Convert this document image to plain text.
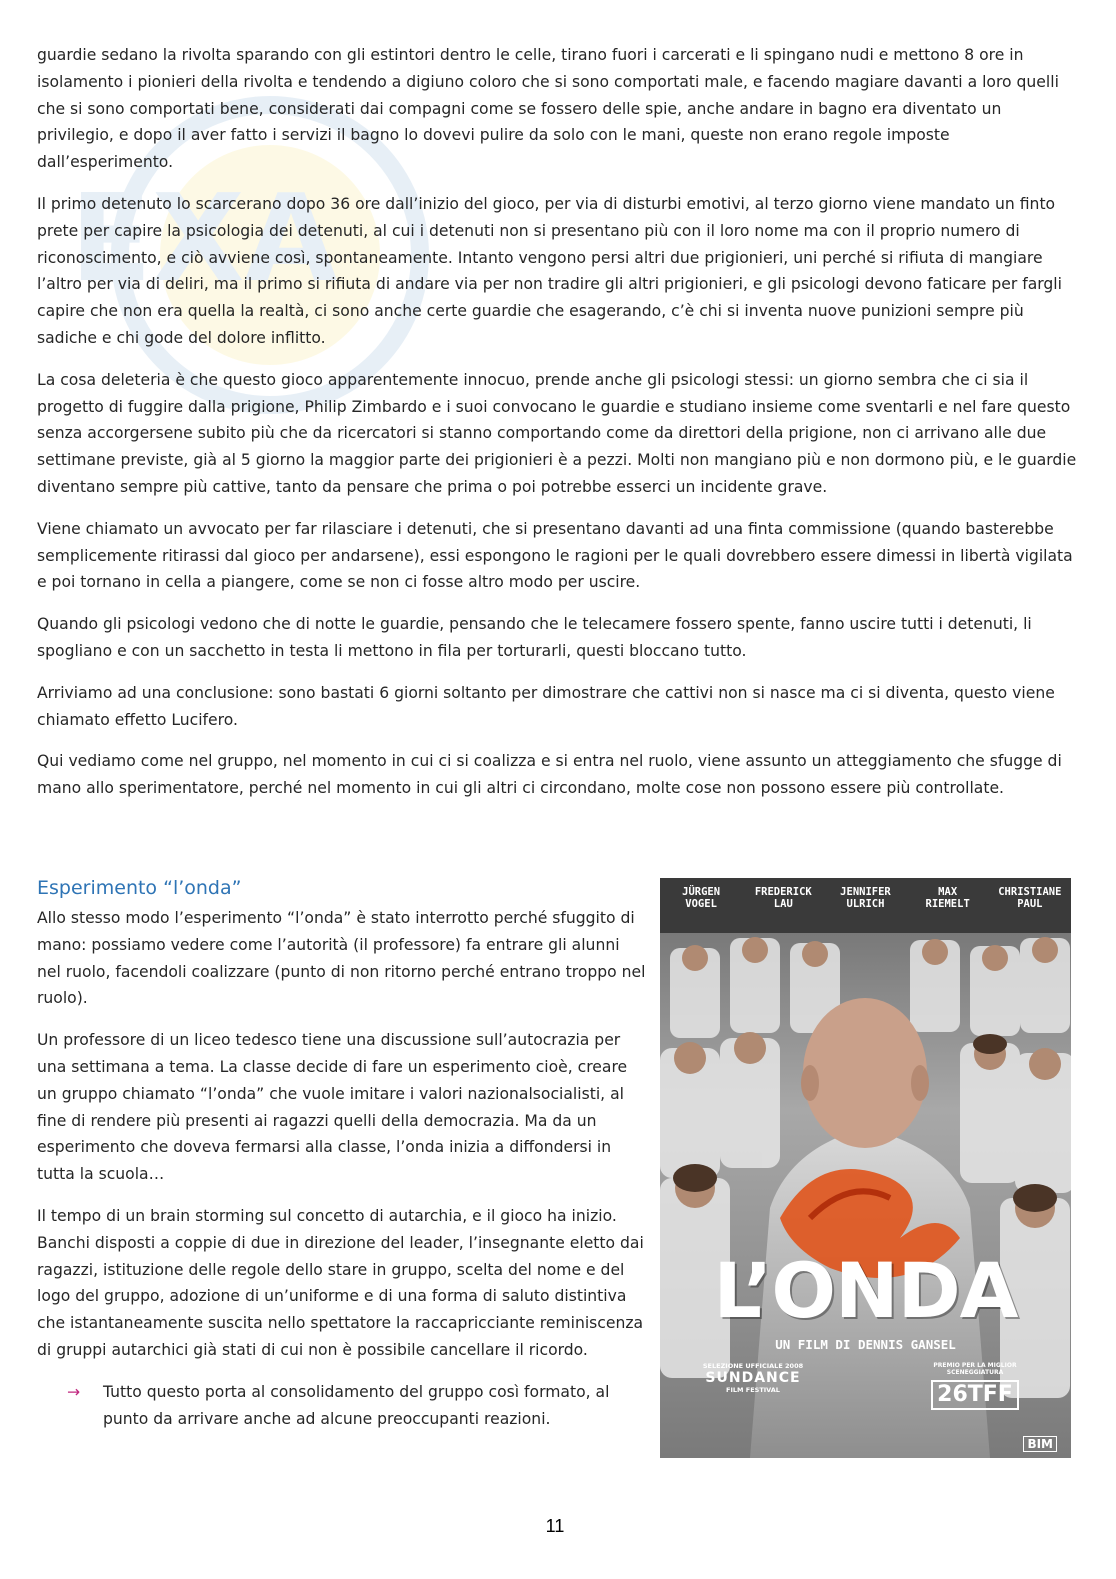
EXA

guardie sedano la rivolta sparando con gli estintori dentro le celle, tirano fuori i carcerati e li spingano nudi e mettono 8 ore in isolamento i pionieri della rivolta e tendendo a digiuno coloro che si sono comportati male, e facendo magiare davanti a loro quelli che si sono comportati bene, considerati dai compagni come se fossero delle spie, anche andare in bagno era diventato un privilegio, e dopo il aver fatto i servizi il bagno lo dovevi pulire da solo con le mani, queste non erano regole imposte dall’esperimento.

Il primo detenuto lo scarcerano dopo 36 ore dall’inizio del gioco, per via di disturbi emotivi, al terzo giorno viene mandato un finto prete per capire la psicologia dei detenuti, al cui i detenuti non si presentano più con il loro nome ma con il proprio numero di riconoscimento, e ciò avviene così, spontaneamente. Intanto vengono persi altri due prigionieri, uni perché si rifiuta di mangiare l’altro per via di deliri, ma il primo si rifiuta di andare via per non tradire gli altri prigionieri, e gli psicologi devono faticare per fargli capire che non era quella la realtà, ci sono anche certe guardie che esagerando, c’è chi si inventa nuove punizioni sempre più sadiche e chi gode del dolore inflitto.

La cosa deleteria è che questo gioco apparentemente innocuo, prende anche gli psicologi stessi: un giorno sembra che ci sia il progetto di fuggire dalla prigione, Philip Zimbardo e i suoi convocano le guardie e studiano insieme come sventarli e nel fare questo senza accorgersene subito più che da ricercatori si stanno comportando come da direttori della prigione, non ci arrivano alle due settimane previste, già al 5 giorno la maggior parte dei prigionieri è a pezzi. Molti non mangiano più e non dormono più, e le guardie diventano sempre più cattive, tanto da pensare che prima o poi potrebbe esserci un incidente grave.

Viene chiamato un avvocato per far rilasciare i detenuti, che si presentano davanti ad una finta commissione (quando basterebbe semplicemente ritirassi dal gioco per andarsene), essi espongono le ragioni per le quali dovrebbero essere dimessi in libertà vigilata e poi tornano in cella a piangere, come se non ci fosse altro modo per uscire.

Quando gli psicologi vedono che di notte le guardie, pensando che le telecamere fossero spente, fanno uscire tutti i detenuti, li spogliano e con un sacchetto in testa li mettono in fila per torturarli, questi bloccano tutto.

Arriviamo ad una conclusione: sono bastati 6 giorni soltanto per dimostrare che cattivi non si nasce ma ci si diventa, questo viene chiamato effetto Lucifero.

Qui vediamo come nel gruppo, nel momento in cui ci si coalizza e si entra nel ruolo, viene assunto un atteggiamento che sfugge di mano allo sperimentatore, perché nel momento in cui gli altri ci circondano, molte cose non possono essere più controllate.

Esperimento “l’onda”

Allo stesso modo l’esperimento “l’onda” è stato interrotto perché sfuggito di mano: possiamo vedere come l’autorità (il professore) fa entrare gli alunni nel ruolo, facendoli coalizzare (punto di non ritorno perché entrano troppo nel ruolo).

Un professore di un liceo tedesco tiene una discussione sull’autocrazia per una settimana a tema. La classe decide di fare un esperimento cioè, creare un gruppo chiamato “l’onda” che vuole imitare i valori nazionalsocialisti, al fine di rendere più presenti ai ragazzi quelli della democrazia. Ma da un esperimento che doveva fermarsi alla classe, l’onda inizia a diffondersi in tutta la scuola…

Il tempo di un brain storming sul concetto di autarchia, e il gioco ha inizio. Banchi disposti a coppie di due in direzione del leader, l’insegnante eletto dai ragazzi, istituzione delle regole dello stare in gruppo, scelta del nome e del logo del gruppo, adozione di un’uniforme e di una forma di saluto distintiva che istantaneamente suscita nello spettatore la raccapricciante reminiscenza di gruppi autarchici già stati di cui non è possibile cancellare il ricordo.

→	Tutto questo porta al consolidamento del gruppo così formato, al punto da arrivare anche ad alcune preoccupanti reazioni.
JÜRGEN
VOGEL
FREDERICK
LAU
JENNIFER
ULRICH
MAX
RIEMELT
CHRISTIANE
PAUL
L’ONDA
UN FILM DI DENNIS GANSEL
SELEZIONE UFFICIALE 2008
SUNDANCE
FILM FESTIVAL
PREMIO PER LA MIGLIOR SCENEGGIATURA
26TFF
BIM
11
